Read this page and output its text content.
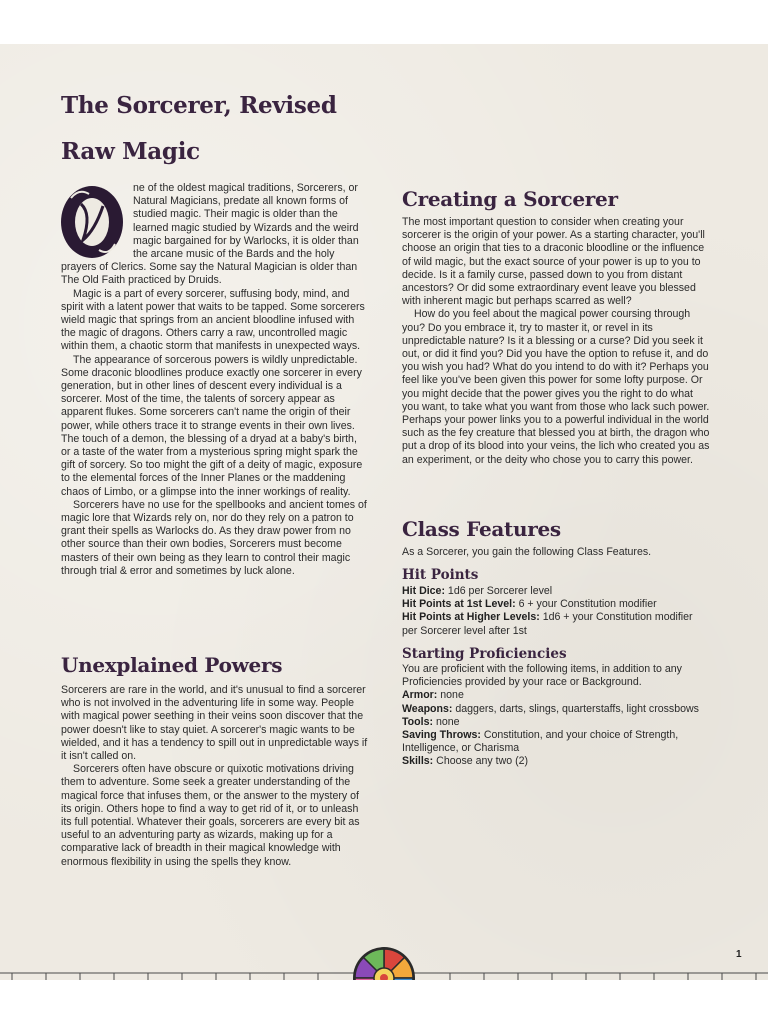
The Sorcerer, Revised
Raw Magic

ne of the oldest magical traditions, Sorcerers, or Natural Magicians, predate all known forms of studied magic. Their magic is older than the learned magic studied by Wizards and the weird magic bargained for by Warlocks, it is older than the arcane music of the Bards and the holy prayers of Clerics. Some say the Natural Magician is older than The Old Faith practiced by Druids.

Magic is a part of every sorcerer, suffusing body, mind, and spirit with a latent power that waits to be tapped. Some sorcerers wield magic that springs from an ancient bloodline infused with the magic of dragons. Others carry a raw, uncontrolled magic within them, a chaotic storm that manifests in unexpected ways.

The appearance of sorcerous powers is wildly unpredictable. Some draconic bloodlines produce exactly one sorcerer in every generation, but in other lines of descent every individual is a sorcerer. Most of the time, the talents of sorcery appear as apparent flukes. Some sorcerers can't name the origin of their power, while others trace it to strange events in their own lives. The touch of a demon, the blessing of a dryad at a baby's birth, or a taste of the water from a mysterious spring might spark the gift of sorcery. So too might the gift of a deity of magic, exposure to the elemental forces of the Inner Planes or the maddening chaos of Limbo, or a glimpse into the inner workings of reality.

Sorcerers have no use for the spellbooks and ancient tomes of magic lore that Wizards rely on, nor do they rely on a patron to grant their spells as Warlocks do. As they draw power from no other source than their own bodies, Sorcerers must become masters of their own being as they learn to control their magic through trial & error and sometimes by luck alone.

Unexplained Powers

Sorcerers are rare in the world, and it's unusual to find a sorcerer who is not involved in the adventuring life in some way. People with magical power seething in their veins soon discover that the power doesn't like to stay quiet. A sorcerer's magic wants to be wielded, and it has a tendency to spill out in unpredictable ways if it isn't called on.

Sorcerers often have obscure or quixotic motivations driving them to adventure. Some seek a greater understanding of the magical force that infuses them, or the answer to the mystery of its origin. Others hope to find a way to get rid of it, or to unleash its full potential. Whatever their goals, sorcerers are every bit as useful to an adventuring party as wizards, making up for a comparative lack of breadth in their magical knowledge with enormous flexibility in using the spells they know.

Creating a Sorcerer

The most important question to consider when creating your sorcerer is the origin of your power. As a starting character, you'll choose an origin that ties to a draconic bloodline or the influence of wild magic, but the exact source of your power is up to you to decide. Is it a family curse, passed down to you from distant ancestors? Or did some extraordinary event leave you blessed with inherent magic but perhaps scarred as well?

How do you feel about the magical power coursing through you? Do you embrace it, try to master it, or revel in its unpredictable nature? Is it a blessing or a curse? Did you seek it out, or did it find you? Did you have the option to refuse it, and do you wish you had? What do you intend to do with it? Perhaps you feel like you've been given this power for some lofty purpose. Or you might decide that the power gives you the right to do what you want, to take what you want from those who lack such power. Perhaps your power links you to a powerful individual in the world such as the fey creature that blessed you at birth, the dragon who put a drop of its blood into your veins, the lich who created you as an experiment, or the deity who chose you to carry this power.

Class Features

As a Sorcerer, you gain the following Class Features.

Hit Points

Hit Dice: 1d6 per Sorcerer level

Hit Points at 1st Level: 6 + your Constitution modifier

Hit Points at Higher Levels: 1d6 + your Constitution modifier per Sorcerer level after 1st

Starting Proficiencies

You are proficient with the following items, in addition to any Proficiencies provided by your race or Background.

Armor: none

Weapons: daggers, darts, slings, quarterstaffs, light crossbows

Tools: none

Saving Throws: Constitution, and your choice of Strength, Intelligence, or Charisma

Skills: Choose any two (2)

1
